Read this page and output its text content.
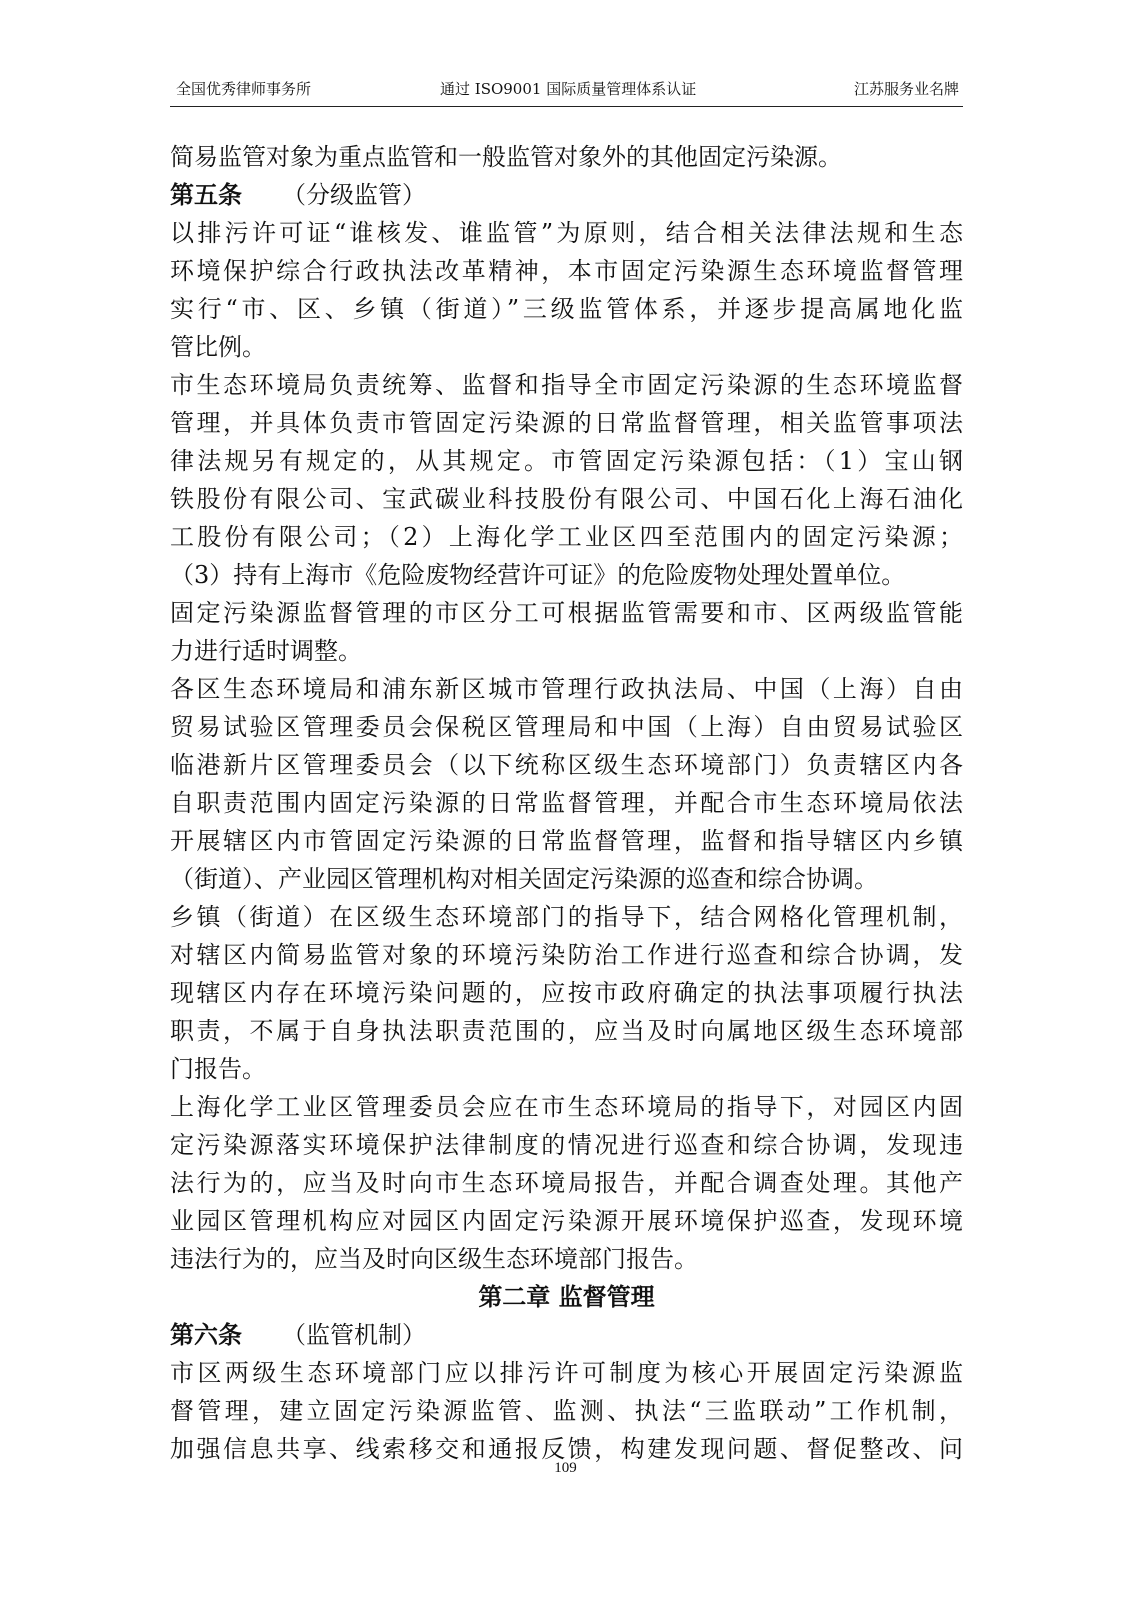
全国优秀律师事务所	通过 ISO9001 国际质量管理体系认证	江苏服务业名牌
简易监管对象为重点监管和一般监管对象外的其他固定污染源。
第五条 （分级监管）
以排污许可证“谁核发、谁监管”为原则，结合相关法律法规和生态
环境保护综合行政执法改革精神，本市固定污染源生态环境监督管理
实行“市、区、乡镇（街道）”三级监管体系，并逐步提高属地化监
管比例。
市生态环境局负责统筹、监督和指导全市固定污染源的生态环境监督
管理，并具体负责市管固定污染源的日常监督管理，相关监管事项法
律法规另有规定的，从其规定。市管固定污染源包括：（1）宝山钢
铁股份有限公司、宝武碳业科技股份有限公司、中国石化上海石油化
工股份有限公司；（2）上海化学工业区四至范围内的固定污染源；
（3）持有上海市《危险废物经营许可证》的危险废物处理处置单位。
固定污染源监督管理的市区分工可根据监管需要和市、区两级监管能
力进行适时调整。
各区生态环境局和浦东新区城市管理行政执法局、中国（上海）自由
贸易试验区管理委员会保税区管理局和中国（上海）自由贸易试验区
临港新片区管理委员会（以下统称区级生态环境部门）负责辖区内各
自职责范围内固定污染源的日常监督管理，并配合市生态环境局依法
开展辖区内市管固定污染源的日常监督管理，监督和指导辖区内乡镇
（街道）、产业园区管理机构对相关固定污染源的巡查和综合协调。
乡镇（街道）在区级生态环境部门的指导下，结合网格化管理机制，
对辖区内简易监管对象的环境污染防治工作进行巡查和综合协调，发
现辖区内存在环境污染问题的，应按市政府确定的执法事项履行执法
职责，不属于自身执法职责范围的，应当及时向属地区级生态环境部
门报告。
上海化学工业区管理委员会应在市生态环境局的指导下，对园区内固
定污染源落实环境保护法律制度的情况进行巡查和综合协调，发现违
法行为的，应当及时向市生态环境局报告，并配合调查处理。其他产
业园区管理机构应对园区内固定污染源开展环境保护巡查，发现环境
违法行为的，应当及时向区级生态环境部门报告。
第二章 监督管理
第六条 （监管机制）
市区两级生态环境部门应以排污许可制度为核心开展固定污染源监
督管理，建立固定污染源监管、监测、执法“三监联动”工作机制，
加强信息共享、线索移交和通报反馈，构建发现问题、督促整改、问
109
